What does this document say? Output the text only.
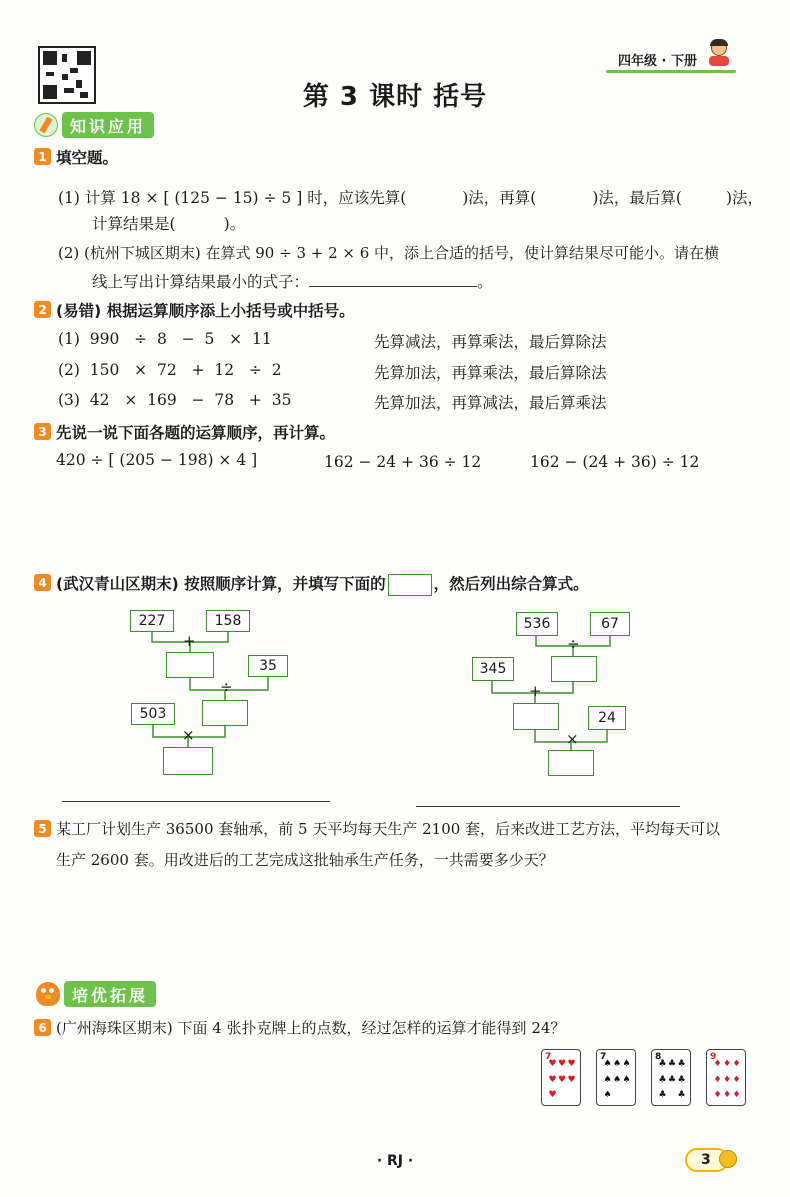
四年级 · 下册
第 3 课时 括号
知识应用
1 填空题。
(1) 计算 18 × [ (125 − 15) ÷ 5 ] 时，应该先算(	)法，再算(	)法，最后算(	)法，
计算结果是(	)。
(2) (杭州下城区期末) 在算式 90 ÷ 3 + 2 × 6 中，添上合适的括号，使计算结果尽可能小。请在横
线上写出计算结果最小的式子：	。
2 (易错) 根据运算顺序添上小括号或中括号。
(1)  990   ÷  8   −  5   ×  11	先算减法，再算乘法，最后算除法
(2)  150   ×  72   +  12   ÷  2	先算加法，再算乘法，最后算除法
(3)  42   ×  169   −  78   +  35	先算加法，再算减法，最后算乘法
3 先说一说下面各题的运算顺序，再计算。
420 ÷ [ (205 − 198) × 4 ]	162 − 24 + 36 ÷ 12	162 − (24 + 36) ÷ 12
4 (武汉青山区期末) 按照顺序计算，并填写下面的	，然后列出综合算式。
227	158
+
35
÷
503
×
536	67
÷
345
+
24
×
5 某工厂计划生产 36500 套轴承，前 5 天平均每天生产 2100 套，后来改进工艺方法，平均每天可以
生产 2600 套。用改进后的工艺完成这批轴承生产任务，一共需要多少天？
培优拓展
6 (广州海珠区期末) 下面 4 张扑克牌上的点数，经过怎样的运算才能得到 24？
7
♥ ♥ ♥
♥ ♥ ♥
♥
7
♠ ♠ ♠
♠ ♠ ♠
♠
8
♣ ♣ ♣
♣ ♣ ♣
♣ ♣
9
♦ ♦ ♦
♦ ♦ ♦
♦ ♦ ♦
· RJ ·	3
